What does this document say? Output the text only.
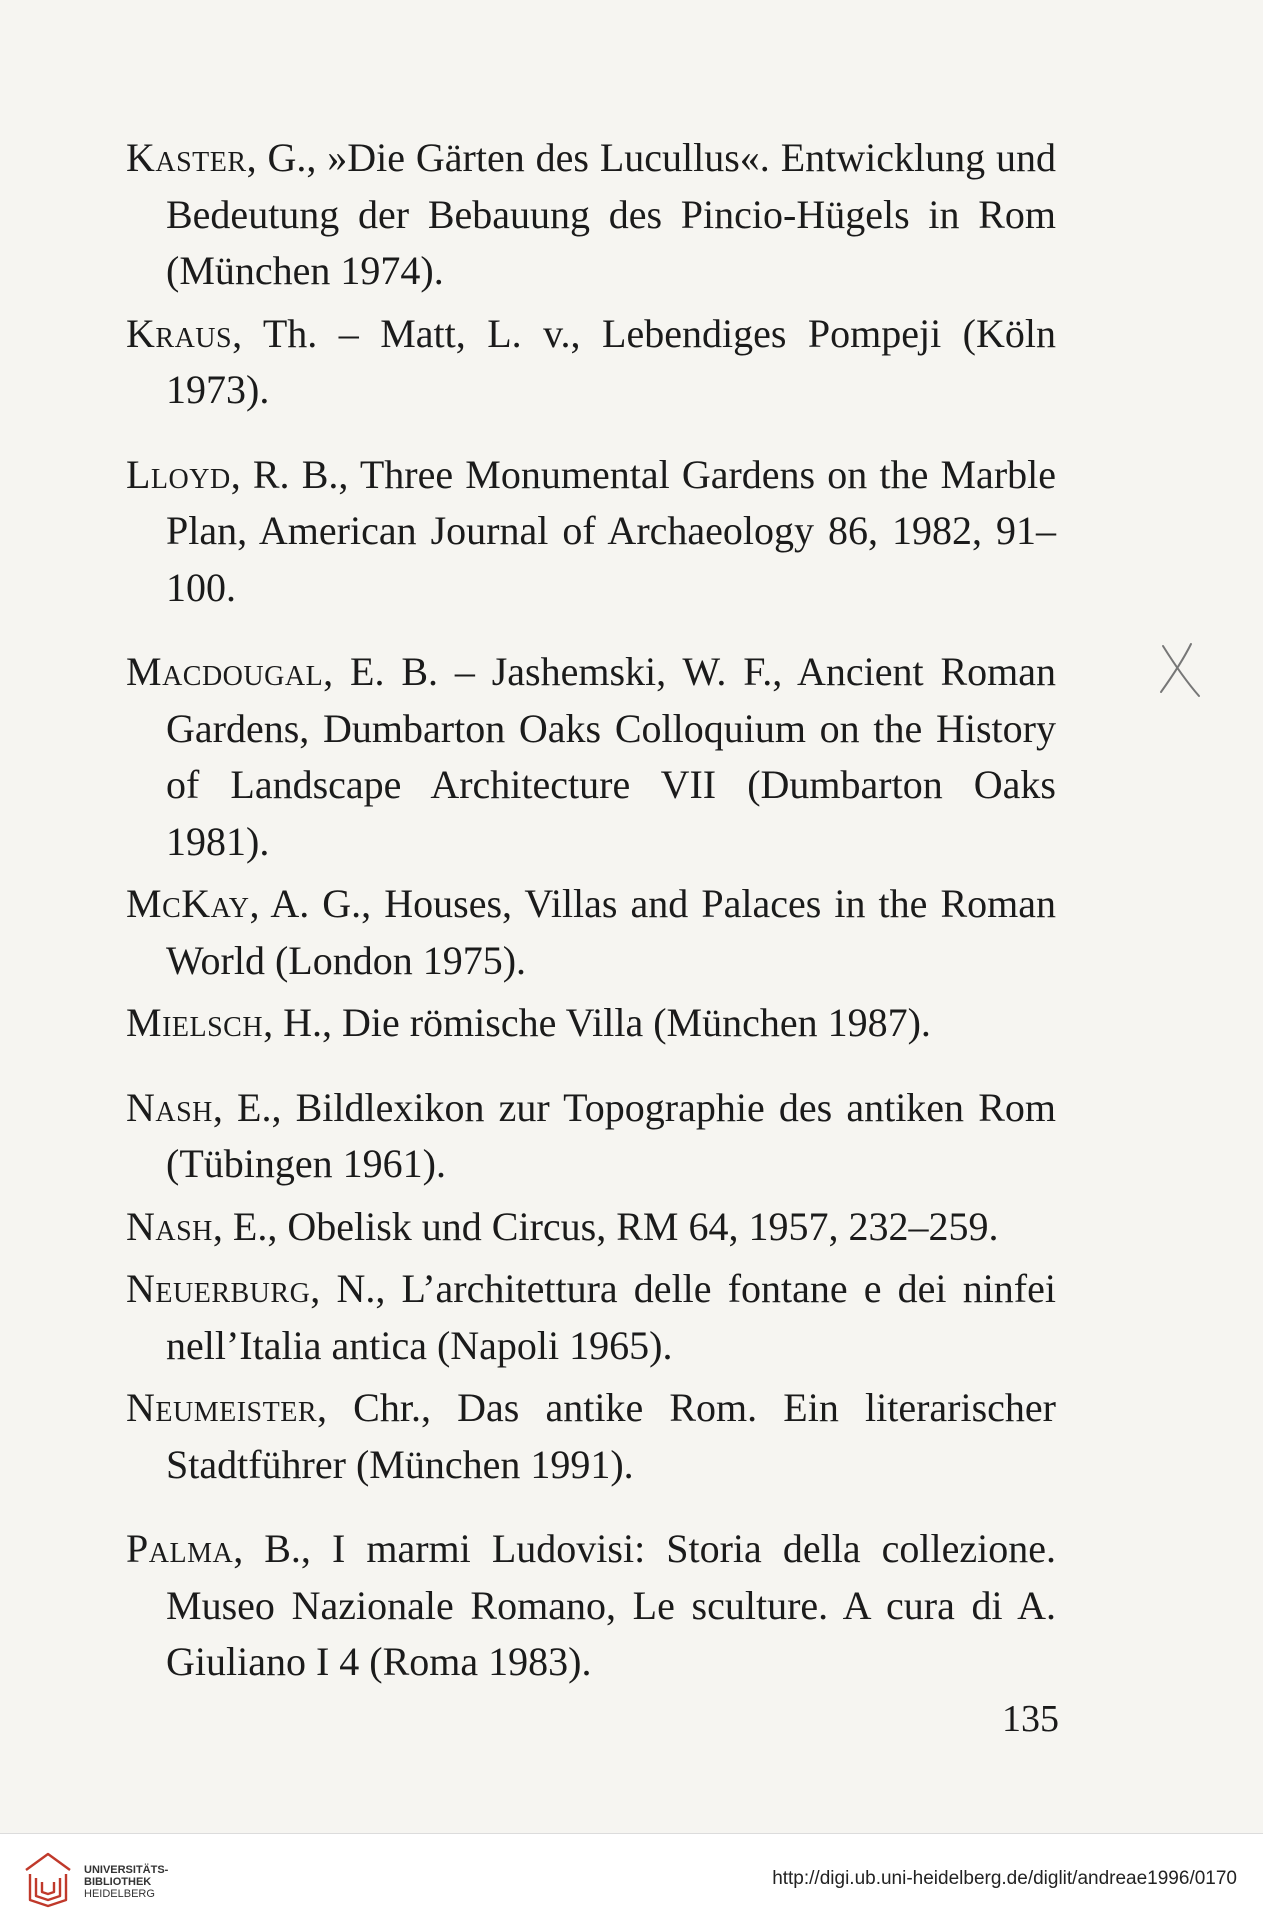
Kaster, G., »Die Gärten des Lucullus«. Entwicklung und Bedeutung der Bebauung des Pincio-Hügels in Rom (München 1974).

Kraus, Th. – Matt, L. v., Lebendiges Pompeji (Köln 1973).

Lloyd, R. B., Three Monumental Gardens on the Marble Plan, American Journal of Archaeology 86, 1982, 91–100.

Macdougal, E. B. – Jashemski, W. F., Ancient Roman Gardens, Dumbarton Oaks Colloquium on the History of Landscape Architecture VII (Dumbarton Oaks 1981).

McKay, A. G., Houses, Villas and Palaces in the Roman World (London 1975).

Mielsch, H., Die römische Villa (München 1987).

Nash, E., Bildlexikon zur Topographie des antiken Rom (Tübingen 1961).

Nash, E., Obelisk und Circus, RM 64, 1957, 232–259.

Neuerburg, N., L’architettura delle fontane e dei ninfei nell’Italia antica (Napoli 1965).

Neumeister, Chr., Das antike Rom. Ein literarischer Stadtführer (München 1991).

Palma, B., I marmi Ludovisi: Storia della collezione. Museo Nazionale Romano, Le sculture. A cura di A. Giuliano I 4 (Roma 1983).

135
UNIVERSITÄTS-
BIBLIOTHEK
HEIDELBERG
http://digi.ub.uni-heidelberg.de/diglit/andreae1996/0170
